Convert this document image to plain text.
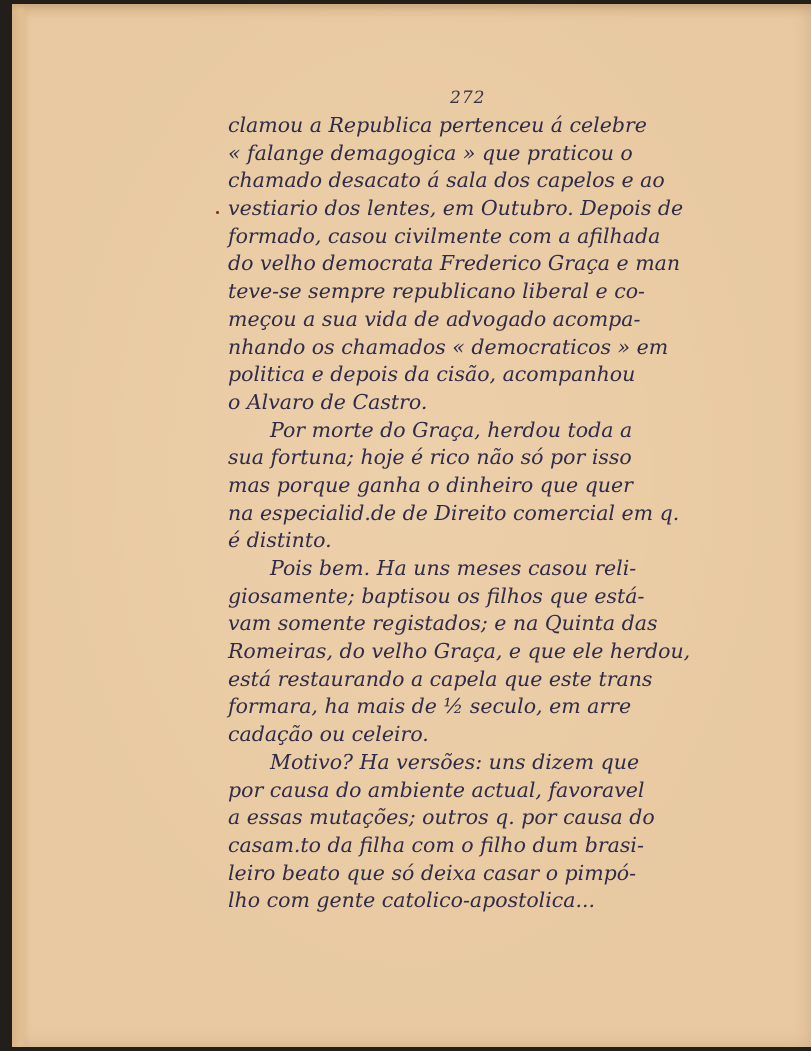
272
clamou a Republica pertenceu á celebre
« falange demagogica » que praticou o
chamado desacato á sala dos capelos e ao
vestiario dos lentes, em Outubro. Depois de
formado, casou civilmente com a afilhada
do velho democrata Frederico Graça e man
teve-se sempre republicano liberal e co-
meçou a sua vida de advogado acompa-
nhando os chamados « democraticos » em
politica e depois da cisão, acompanhou
o Alvaro de Castro.
Por morte do Graça, herdou toda a
sua fortuna; hoje é rico não só por isso
mas porque ganha o dinheiro que quer
na especialid.de de Direito comercial em q.
é distinto.
Pois bem. Ha uns meses casou reli-
giosamente; baptisou os filhos que está-
vam somente registados; e na Quinta das
Romeiras, do velho Graça, e que ele herdou,
está restaurando a capela que este trans
formara, ha mais de ½ seculo, em arre
cadação ou celeiro.
Motivo? Ha versões: uns dizem que
por causa do ambiente actual, favoravel
a essas mutações; outros q. por causa do
casam.to da filha com o filho dum brasi-
leiro beato que só deixa casar o pimpó-
lho com gente catolico-apostolica...
